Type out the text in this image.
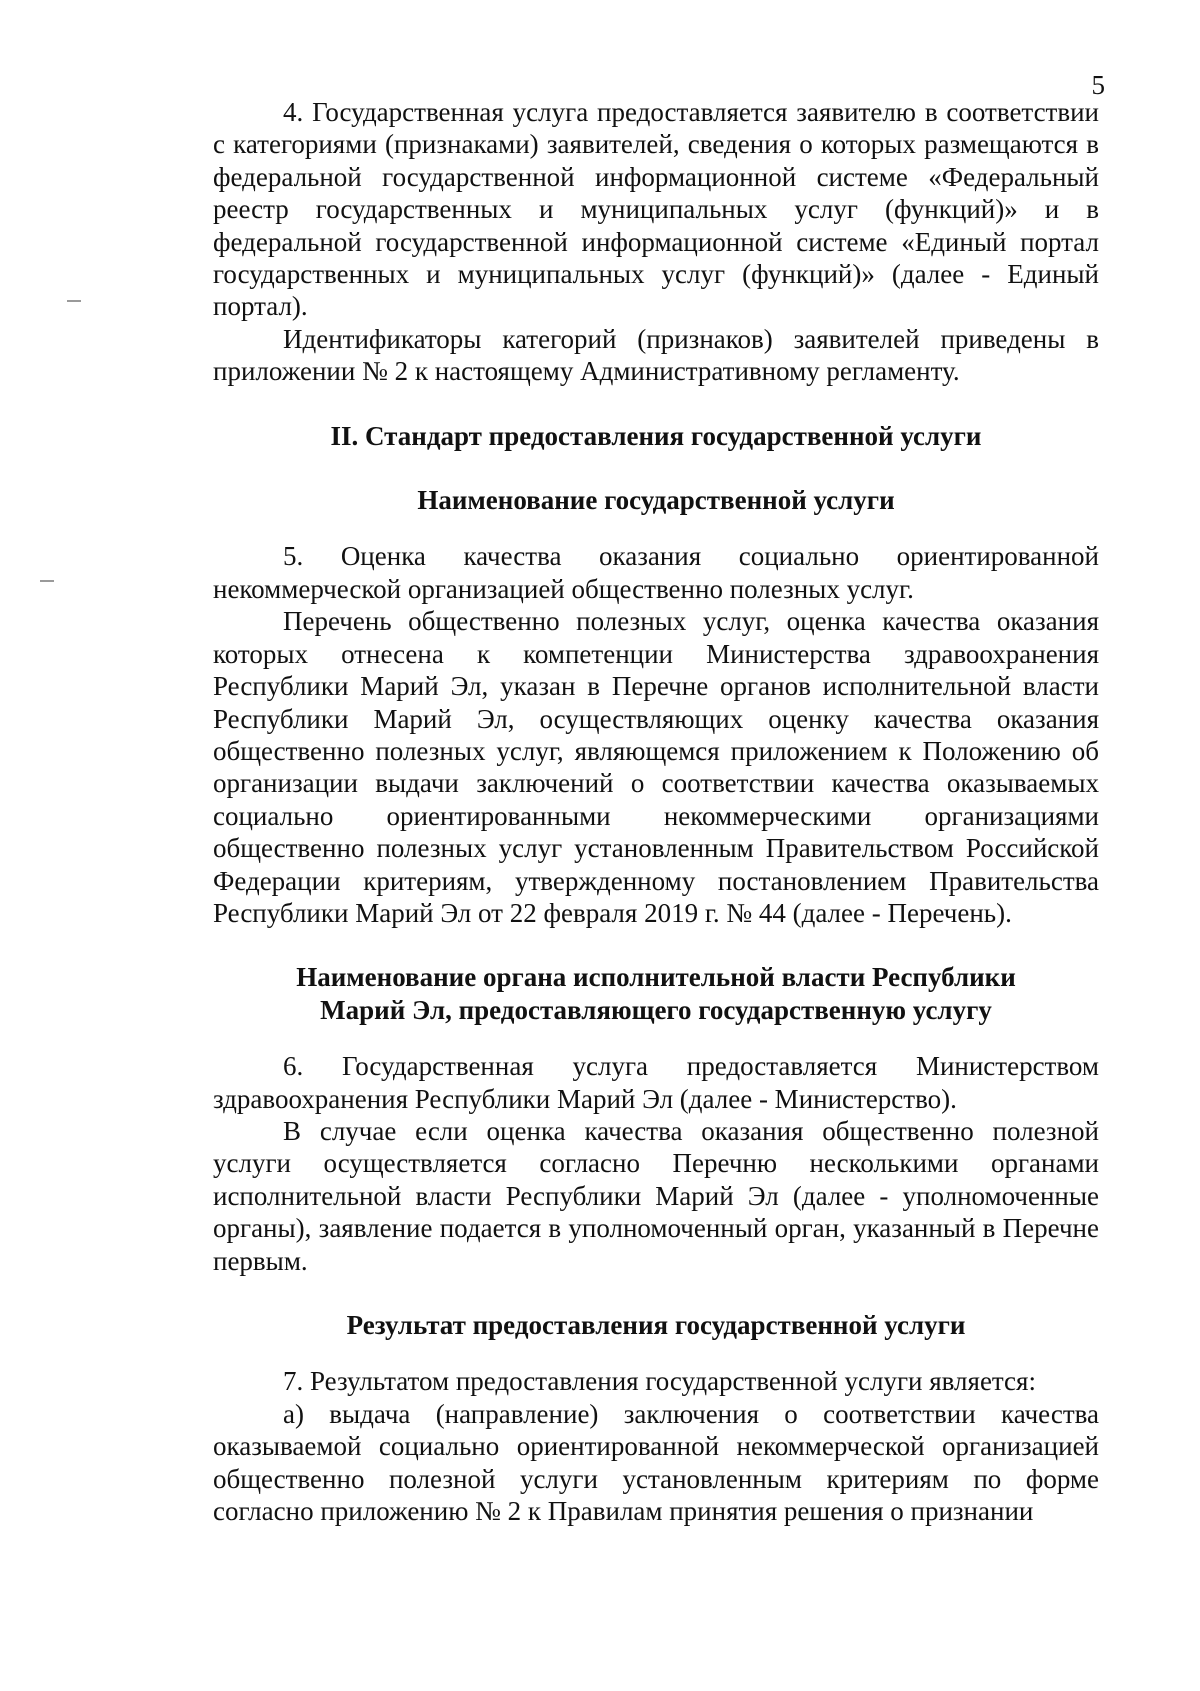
5

4. Государственная услуга предоставляется заявителю в соответствии с категориями (признаками) заявителей, сведения о которых размещаются в федеральной государственной информационной системе «Федеральный реестр государственных и муниципальных услуг (функций)» и в федеральной государственной информационной системе «Единый портал государственных и муниципальных услуг (функций)» (далее - Единый портал).

Идентификаторы категорий (признаков) заявителей приведены в приложении № 2 к настоящему Административному регламенту.

II. Стандарт предоставления государственной услуги

Наименование государственной услуги

5. Оценка качества оказания социально ориентированной некоммерческой организацией общественно полезных услуг.

Перечень общественно полезных услуг, оценка качества оказания которых отнесена к компетенции Министерства здравоохранения Республики Марий Эл, указан в Перечне органов исполнительной власти Республики Марий Эл, осуществляющих оценку качества оказания общественно полезных услуг, являющемся приложением к Положению об организации выдачи заключений о соответствии качества оказываемых социально ориентированными некоммерческими организациями общественно полезных услуг установленным Правительством Российской Федерации критериям, утвержденному постановлением Правительства Республики Марий Эл от 22 февраля 2019 г. № 44 (далее - Перечень).

Наименование органа исполнительной власти Республики

Марий Эл, предоставляющего государственную услугу

6. Государственная услуга предоставляется Министерством здравоохранения Республики Марий Эл (далее - Министерство).

В случае если оценка качества оказания общественно полезной услуги осуществляется согласно Перечню несколькими органами исполнительной власти Республики Марий Эл (далее - уполномоченные органы), заявление подается в уполномоченный орган, указанный в Перечне первым.

Результат предоставления государственной услуги

7. Результатом предоставления государственной услуги является:

а) выдача (направление) заключения о соответствии качества оказываемой социально ориентированной некоммерческой организацией общественно полезной услуги установленным критериям по форме согласно приложению № 2 к Правилам принятия решения о признании
